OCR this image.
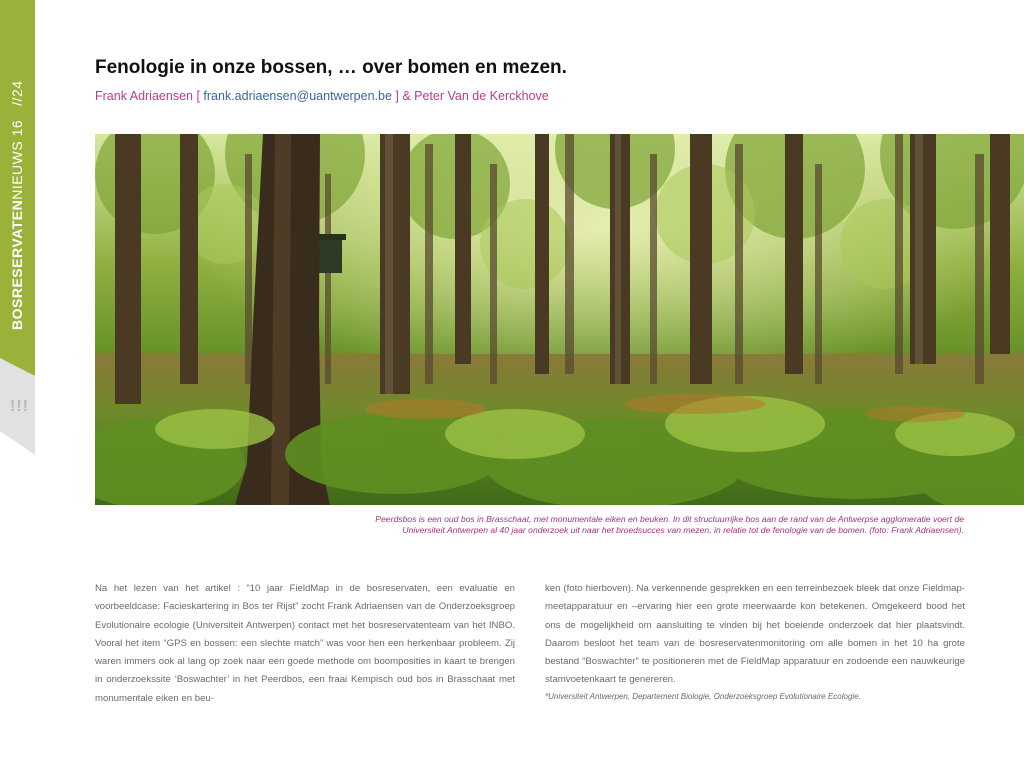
BOSRESERVATENNIEUWS 16//24
!!!
Fenologie in onze bossen, … over bomen en mezen.
Frank Adriaensen [ frank.adriaensen@uantwerpen.be ] & Peter Van de Kerckhove
Peerdsbos is een oud bos in Brasschaat, met monumentale eiken en beuken. In dit structuurrijke bos aan de rand van de Antwerpse agglomeratie voert de
Universiteit Antwerpen al 40 jaar onderzoek uit naar het broedsucces van mezen, in relatie tot de fenologie van de bomen. (foto: Frank Adriaensen).
Na het lezen van het artikel : “10 jaar FieldMap in de bosreservaten, een evaluatie en voorbeeldcase: Facieskartering in Bos ter Rijst” zocht Frank Adriaensen van de Onderzoeksgroep Evolutionaire ecologie (Universiteit Antwerpen) contact met het bosreservatenteam van het INBO. Vooral het item “GPS en bossen: een slechte match” was voor hen een herkenbaar probleem. Zij waren immers ook al lang op zoek naar een goede methode om boomposities in kaart te brengen in onderzoekssite ‘Boswachter’ in het Peerdbos, een fraai Kempisch oud bos in Brasschaat met monumentale eiken en beu-
ken (foto hierboven). Na verkennende gesprekken en een terreinbezoek bleek dat onze Fieldmap-meetapparatuur en –ervaring hier een grote meerwaarde kon betekenen. Omgekeerd bood het ons de mogelijkheid om aansluiting te vinden bij het boeiende onderzoek dat hier plaatsvindt. Daarom besloot het team van de bosreservatenmonitoring om alle bomen in het 10 ha grote bestand “Boswachter” te positioneren met de FieldMap apparatuur en zodoende een nauwkeurige stamvoetenkaart te genereren.
*Universiteit Antwerpen, Departement Biologie, Onderzoeksgroep Evolutionaire Ecologie.
